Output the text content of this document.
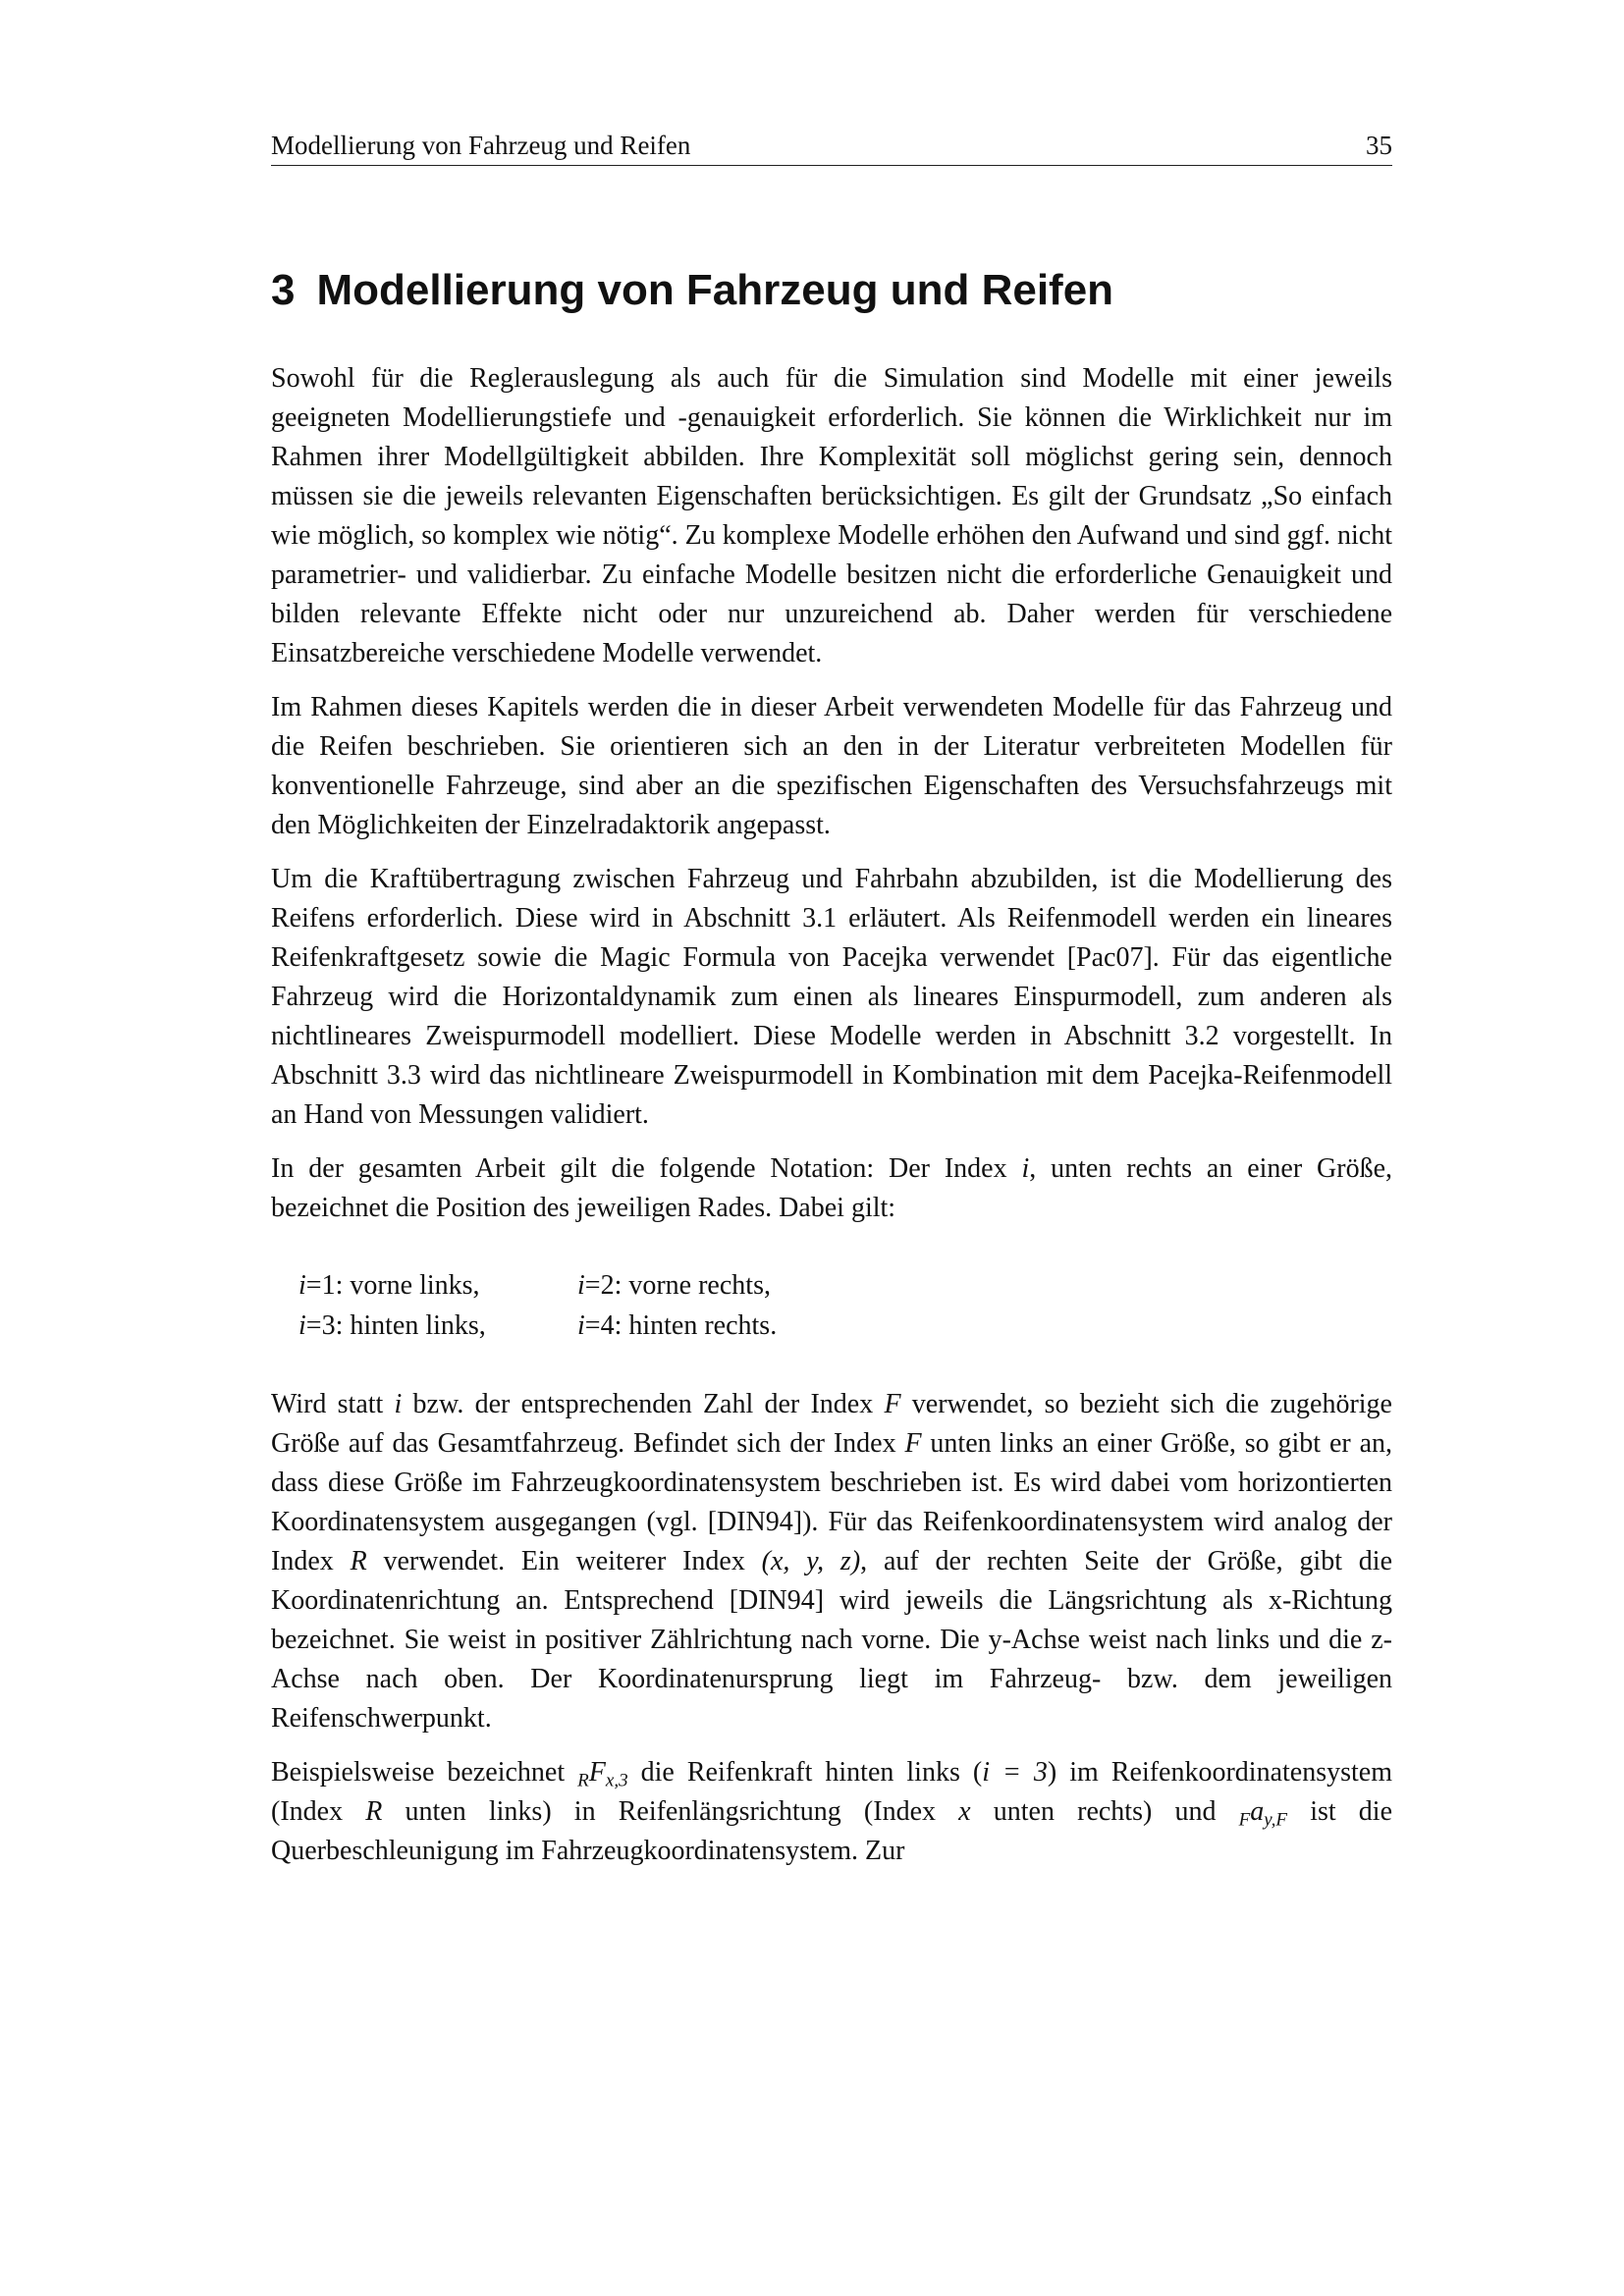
Modellierung von Fahrzeug und Reifen	35
3 Modellierung von Fahrzeug und Reifen

Sowohl für die Reglerauslegung als auch für die Simulation sind Modelle mit einer jeweils geeigneten Modellierungstiefe und -genauigkeit erforderlich. Sie können die Wirklichkeit nur im Rahmen ihrer Modellgültigkeit abbilden. Ihre Komplexität soll möglichst gering sein, dennoch müssen sie die jeweils relevanten Eigenschaften berücksichtigen. Es gilt der Grundsatz „So einfach wie möglich, so komplex wie nötig“. Zu komplexe Modelle erhöhen den Aufwand und sind ggf. nicht parametrier- und validierbar. Zu einfache Modelle besitzen nicht die erforderliche Genauigkeit und bilden relevante Effekte nicht oder nur unzureichend ab. Daher werden für verschiedene Einsatzbereiche verschiedene Modelle verwendet.

Im Rahmen dieses Kapitels werden die in dieser Arbeit verwendeten Modelle für das Fahrzeug und die Reifen beschrieben. Sie orientieren sich an den in der Literatur verbreiteten Modellen für konventionelle Fahrzeuge, sind aber an die spezifischen Eigenschaften des Versuchsfahrzeugs mit den Möglichkeiten der Einzelradaktorik angepasst.

Um die Kraftübertragung zwischen Fahrzeug und Fahrbahn abzubilden, ist die Modellierung des Reifens erforderlich. Diese wird in Abschnitt 3.1 erläutert. Als Reifenmodell werden ein lineares Reifenkraftgesetz sowie die Magic Formula von Pacejka verwendet [Pac07]. Für das eigentliche Fahrzeug wird die Horizontaldynamik zum einen als lineares Einspurmodell, zum anderen als nichtlineares Zweispurmodell modelliert. Diese Modelle werden in Abschnitt 3.2 vorgestellt. In Abschnitt 3.3 wird das nichtlineare Zweispurmodell in Kombination mit dem Pacejka-Reifenmodell an Hand von Messungen validiert.

In der gesamten Arbeit gilt die folgende Notation: Der Index i, unten rechts an einer Größe, bezeichnet die Position des jeweiligen Rades. Dabei gilt:

i=1: vorne links,	i=2: vorne rechts,
i=3: hinten links,	i=4: hinten rechts.

Wird statt i bzw. der entsprechenden Zahl der Index F verwendet, so bezieht sich die zugehörige Größe auf das Gesamtfahrzeug. Befindet sich der Index F unten links an einer Größe, so gibt er an, dass diese Größe im Fahrzeugkoordinatensystem beschrieben ist. Es wird dabei vom horizontierten Koordinatensystem ausgegangen (vgl. [DIN94]). Für das Reifenkoordinatensystem wird analog der Index R verwendet. Ein weiterer Index (x, y, z), auf der rechten Seite der Größe, gibt die Koordinatenrichtung an. Entsprechend [DIN94] wird jeweils die Längsrichtung als x-Richtung bezeichnet. Sie weist in positiver Zählrichtung nach vorne. Die y-Achse weist nach links und die z-Achse nach oben. Der Koordinatenursprung liegt im Fahrzeug- bzw. dem jeweiligen Reifenschwerpunkt.

Beispielsweise bezeichnet $_RF_{x,3}$ die Reifenkraft hinten links (i = 3) im Reifenkoordinatensystem (Index R unten links) in Reifenlängsrichtung (Index x unten rechts) und $_Fa_{y,F}$ ist die Querbeschleunigung im Fahrzeugkoordinatensystem. Zur
